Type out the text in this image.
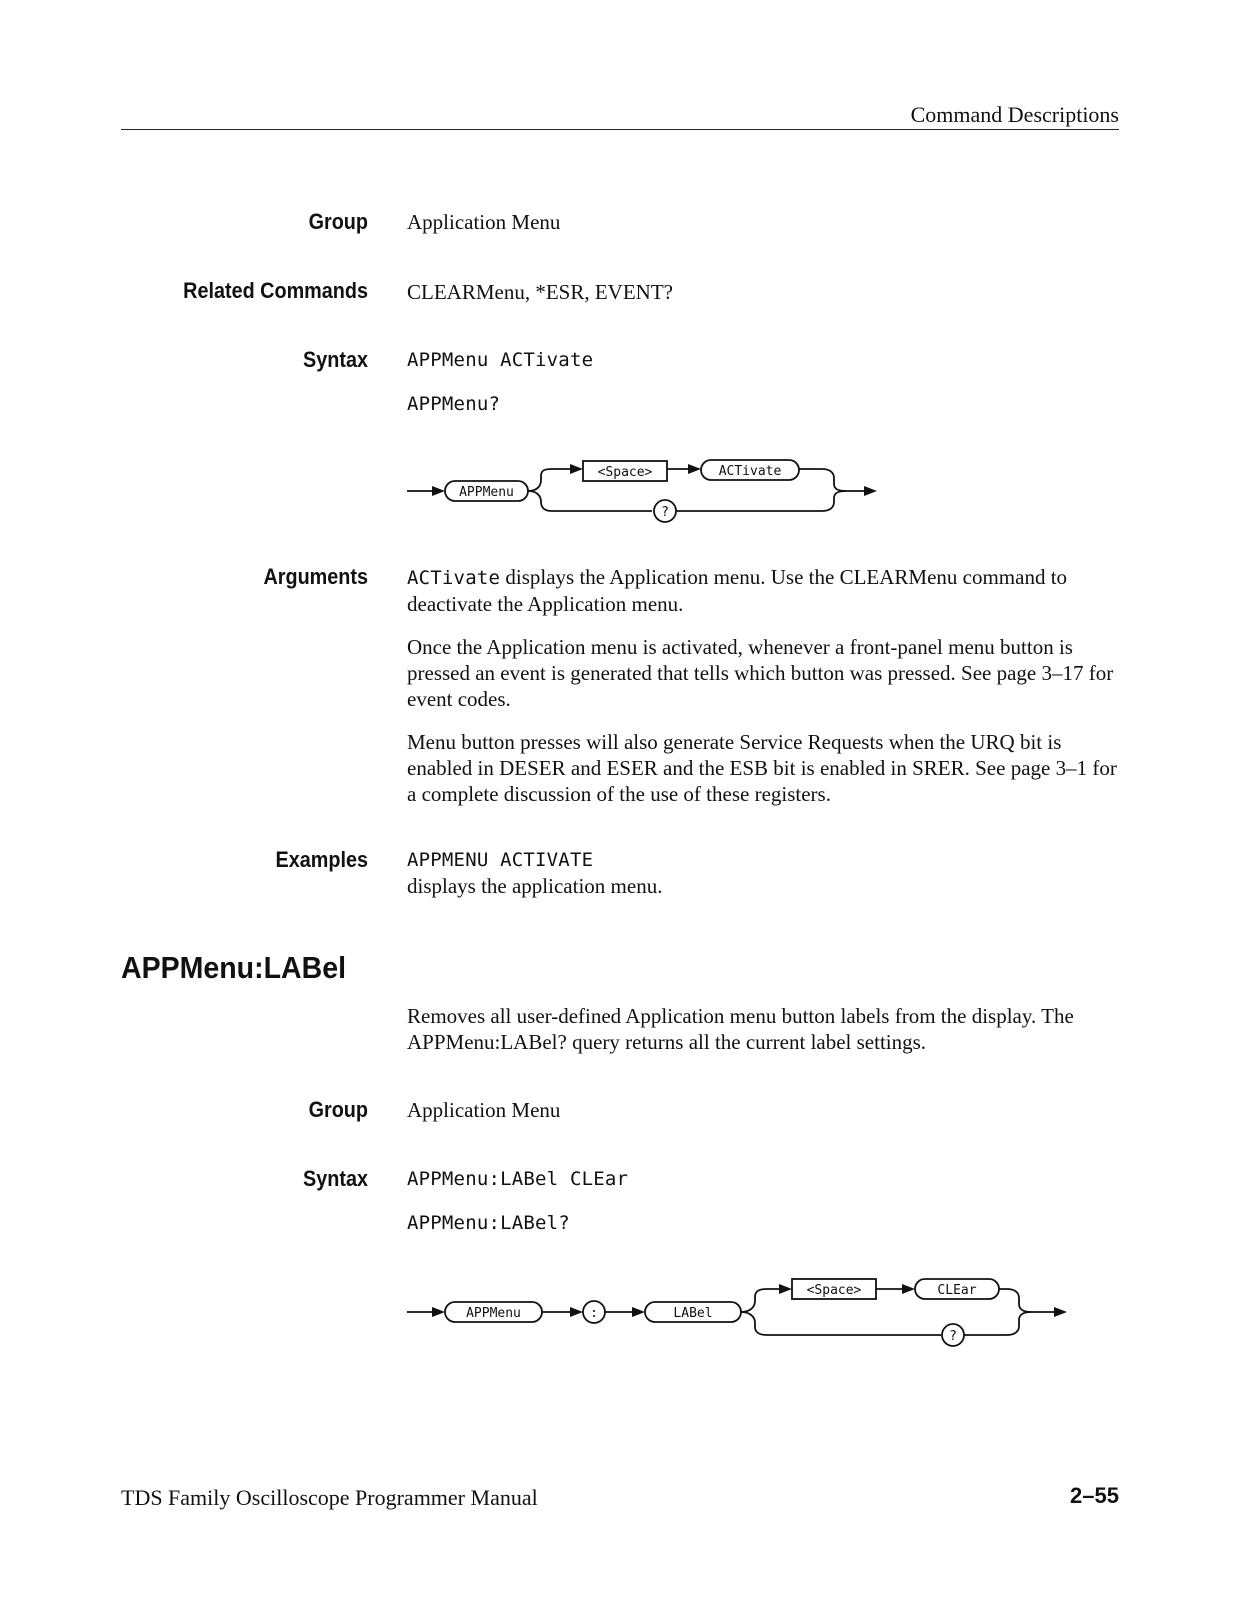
Command Descriptions
Group Application Menu
Related Commands CLEARMenu, *ESR, EVENT?
Syntax APPMenu ACTivate
APPMenu?
APPMenu
<Space>	ACTivate
?
Arguments ACTivate displays the Application menu. Use the CLEARMenu command to deactivate the Application menu.

Once the Application menu is activated, whenever a front-panel menu button is pressed an event is generated that tells which button was pressed. See page 3–17 for event codes.

Menu button presses will also generate Service Requests when the URQ bit is enabled in DESER and ESER and the ESB bit is enabled in SRER. See page 3–1 for a complete discussion of the use of these registers.

Examples APPMENU ACTIVATE
displays the application menu.
APPMenu:LABel
Removes all user-defined Application menu button labels from the display. The APPMenu:LABel? query returns all the current label settings.
Group Application Menu
Syntax APPMenu:LABel CLEar
APPMenu:LABel?
APPMenu	:	LABel
<Space>	CLEar
?
TDS Family Oscilloscope Programmer Manual	2–55
